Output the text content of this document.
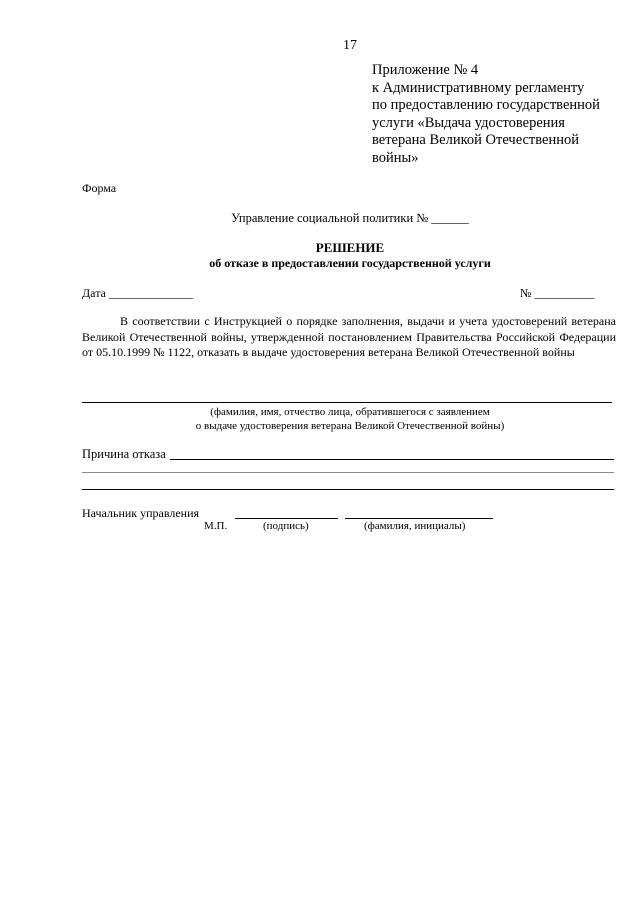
17
Приложение № 4
к Административному регламенту
по предоставлению государственной
услуги «Выдача удостоверения
ветерана Великой Отечественной
войны»
Форма
Управление социальной политики № ______
РЕШЕНИЕ
об отказе в предоставлении государственной услуги
Дата ______________	№ __________
В соответствии с Инструкцией о порядке заполнения, выдачи и учета удостоверений ветерана Великой Отечественной войны, утвержденной постановлением Правительства Российской Федерации от 05.10.1999 № 1122, отказать в выдаче удостоверения ветерана Великой Отечественной войны
(фамилия, имя, отчество лица, обратившегося с заявлением
о выдаче удостоверения ветерана Великой Отечественной войны)
Причина отказа
Начальник управления
М.П.	(подпись)	(фамилия, инициалы)
